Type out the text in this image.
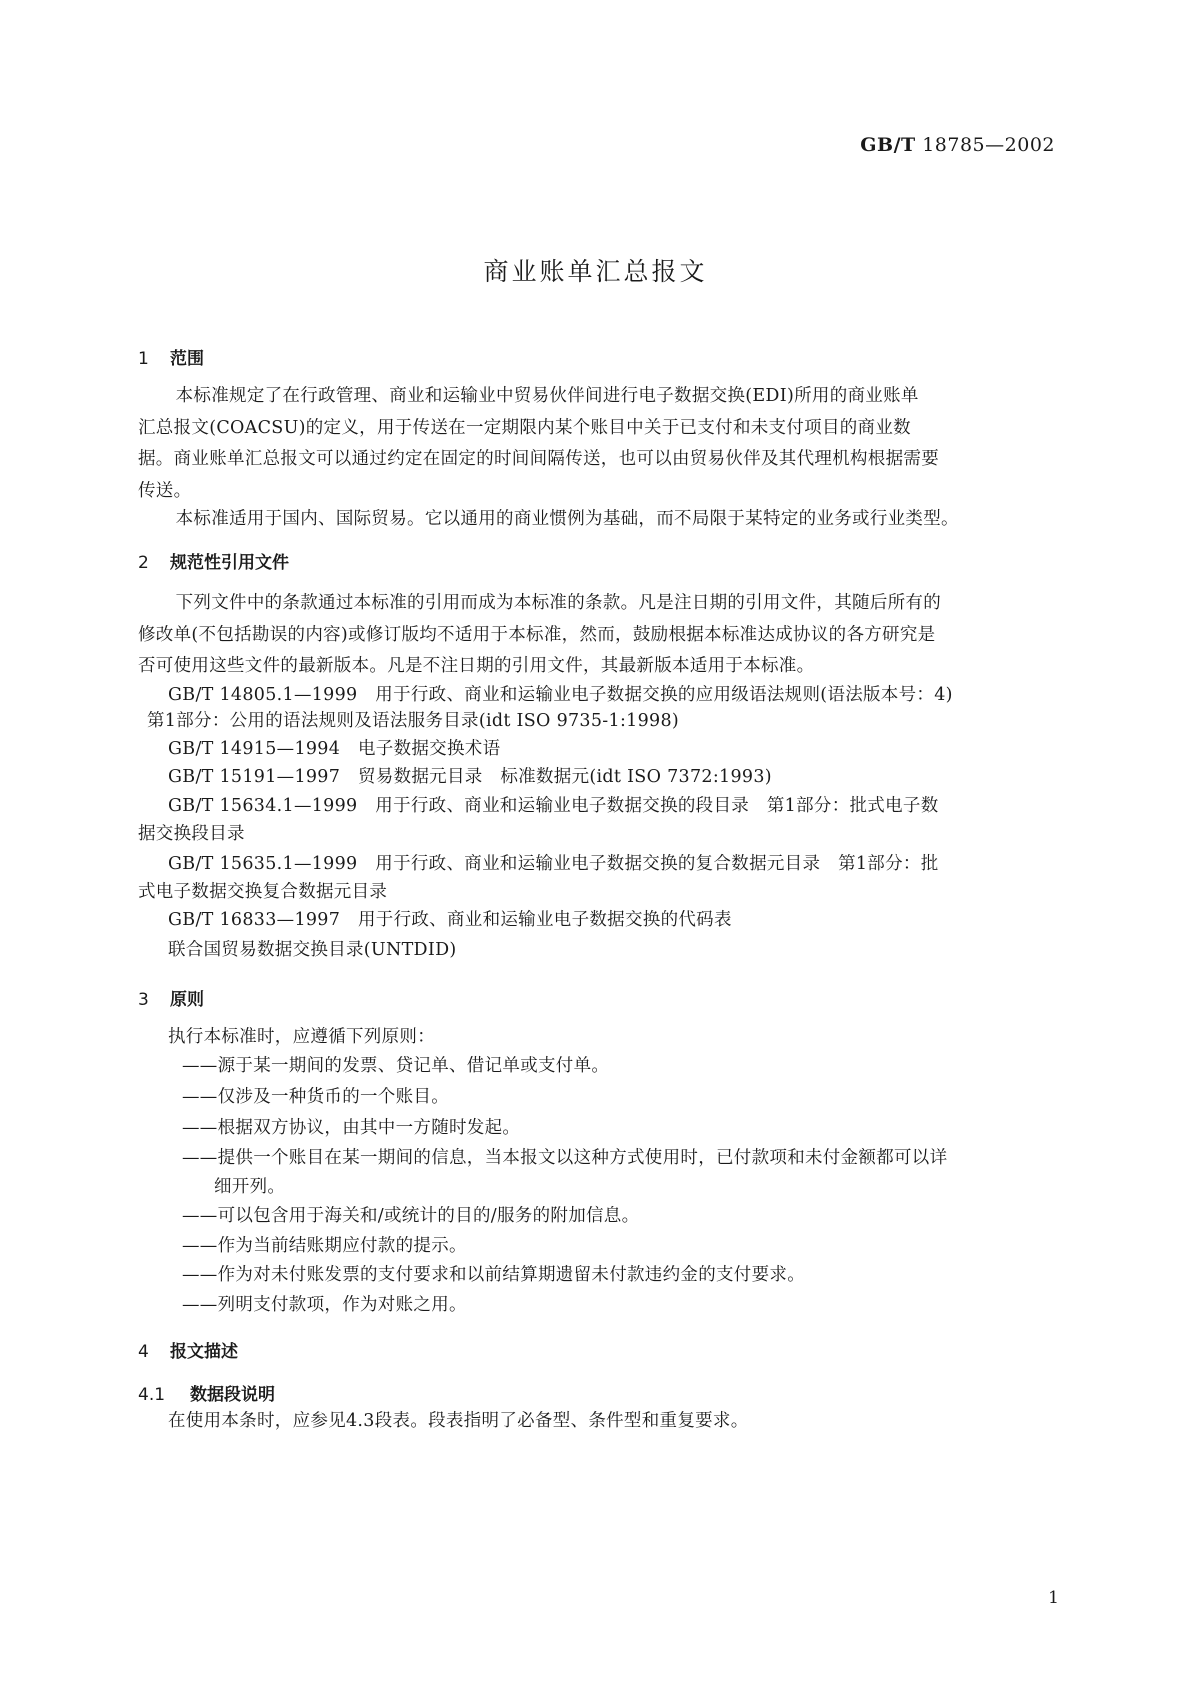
GB/T 18785—2002
商业账单汇总报文
1 范围
本标准规定了在行政管理、商业和运输业中贸易伙伴间进行电子数据交换(EDI)所用的商业账单
汇总报文(COACSU)的定义，用于传送在一定期限内某个账目中关于已支付和未支付项目的商业数
据。商业账单汇总报文可以通过约定在固定的时间间隔传送，也可以由贸易伙伴及其代理机构根据需要
传送。
本标准适用于国内、国际贸易。它以通用的商业惯例为基础，而不局限于某特定的业务或行业类型。
2 规范性引用文件
下列文件中的条款通过本标准的引用而成为本标准的条款。凡是注日期的引用文件，其随后所有的
修改单(不包括勘误的内容)或修订版均不适用于本标准，然而，鼓励根据本标准达成协议的各方研究是
否可使用这些文件的最新版本。凡是不注日期的引用文件，其最新版本适用于本标准。
GB/T 14805.1—1999　用于行政、商业和运输业电子数据交换的应用级语法规则(语法版本号：4)
第1部分：公用的语法规则及语法服务目录(idt ISO 9735-1:1998)
GB/T 14915—1994　电子数据交换术语
GB/T 15191—1997　贸易数据元目录　标准数据元(idt ISO 7372:1993)
GB/T 15634.1—1999　用于行政、商业和运输业电子数据交换的段目录　第1部分：批式电子数
据交换段目录
GB/T 15635.1—1999　用于行政、商业和运输业电子数据交换的复合数据元目录　第1部分：批
式电子数据交换复合数据元目录
GB/T 16833—1997　用于行政、商业和运输业电子数据交换的代码表
联合国贸易数据交换目录(UNTDID)
3 原则
执行本标准时，应遵循下列原则：
——源于某一期间的发票、贷记单、借记单或支付单。
——仅涉及一种货币的一个账目。
——根据双方协议，由其中一方随时发起。
——提供一个账目在某一期间的信息，当本报文以这种方式使用时，已付款项和未付金额都可以详
细开列。
——可以包含用于海关和/或统计的目的/服务的附加信息。
——作为当前结账期应付款的提示。
——作为对未付账发票的支付要求和以前结算期遗留未付款违约金的支付要求。
——列明支付款项，作为对账之用。
4 报文描述
4.1 数据段说明
在使用本条时，应参见4.3段表。段表指明了必备型、条件型和重复要求。
1
